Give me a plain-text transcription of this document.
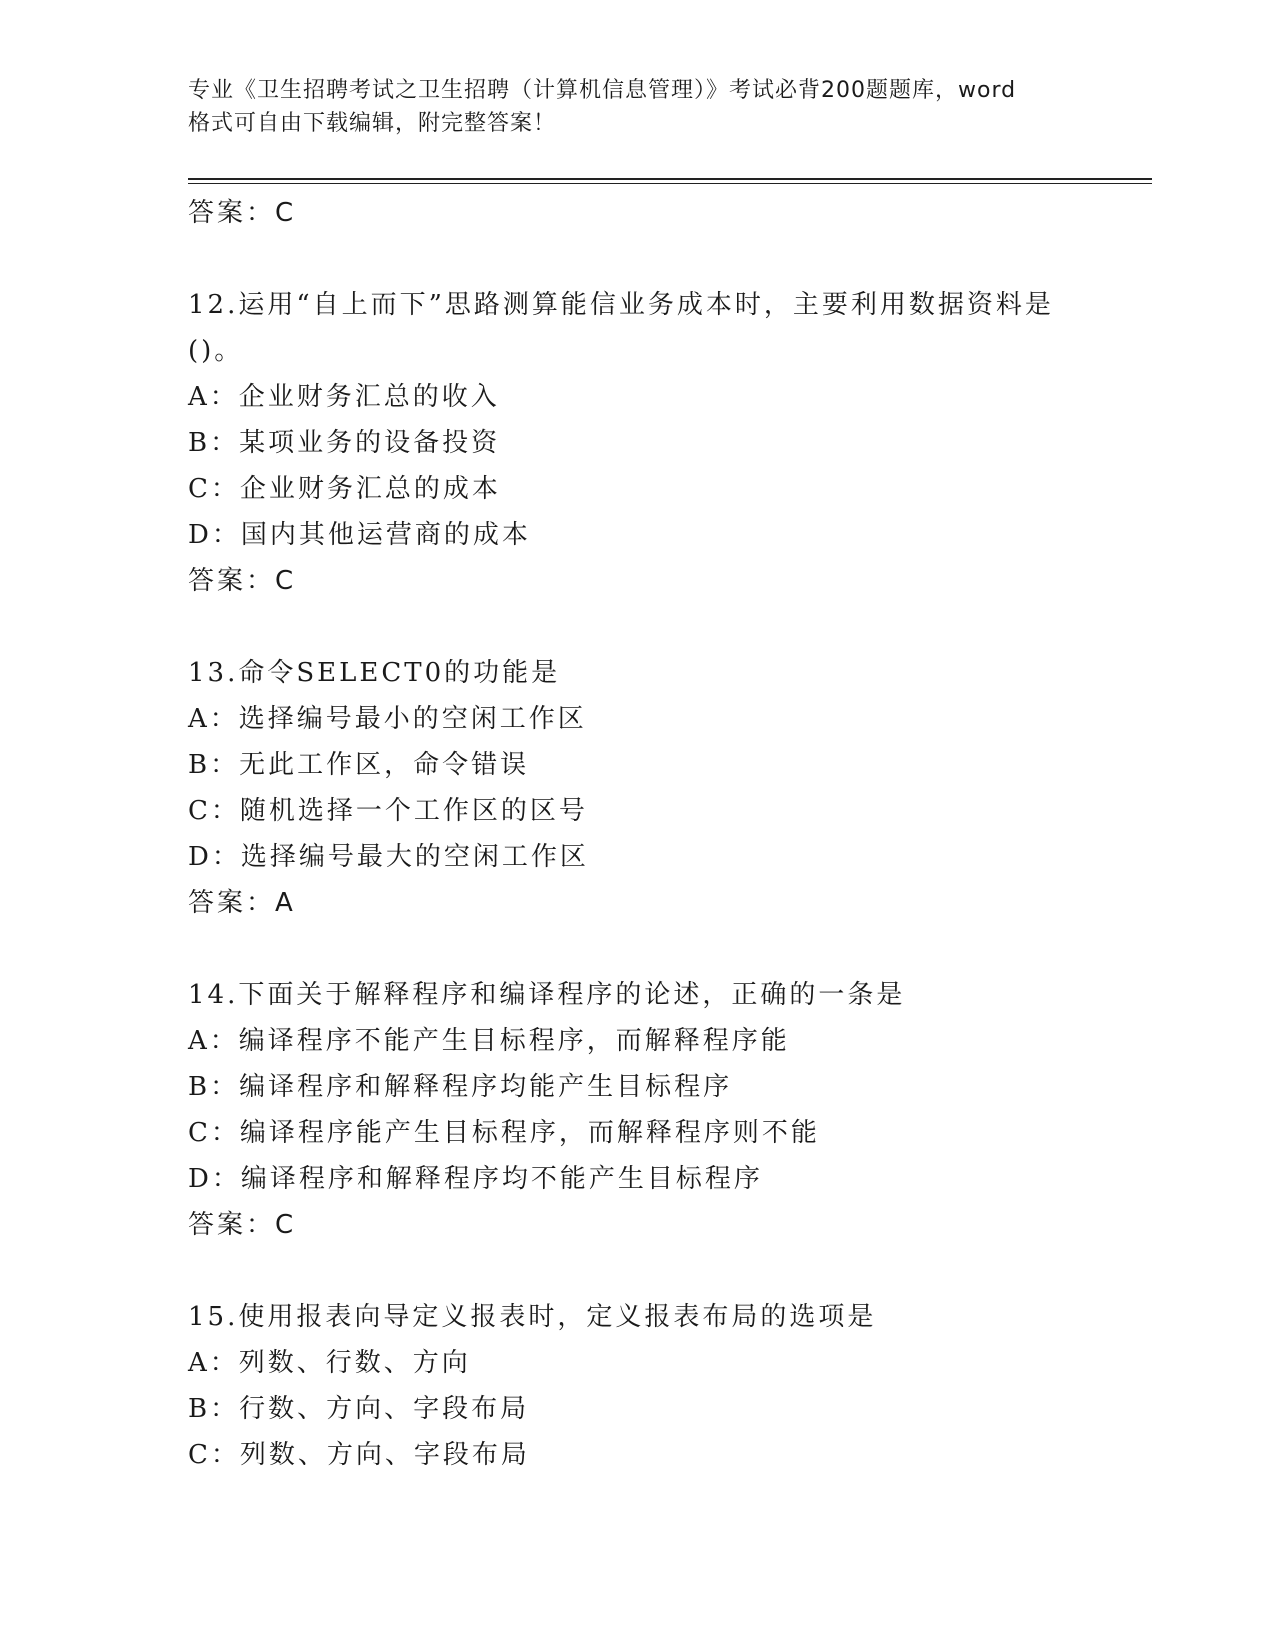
专业《卫生招聘考试之卫生招聘（计算机信息管理）》考试必背200题题库，word
格式可自由下载编辑，附完整答案！
答案：C
12.运用“自上而下”思路测算能信业务成本时，主要利用数据资料是
()。
A：企业财务汇总的收入
B：某项业务的设备投资
C：企业财务汇总的成本
D：国内其他运营商的成本
答案：C
13.命令SELECT0的功能是
A：选择编号最小的空闲工作区
B：无此工作区，命令错误
C：随机选择一个工作区的区号
D：选择编号最大的空闲工作区
答案：A
14.下面关于解释程序和编译程序的论述，正确的一条是
A：编译程序不能产生目标程序，而解释程序能
B：编译程序和解释程序均能产生目标程序
C：编译程序能产生目标程序，而解释程序则不能
D：编译程序和解释程序均不能产生目标程序
答案：C
15.使用报表向导定义报表时，定义报表布局的选项是
A：列数、行数、方向
B：行数、方向、字段布局
C：列数、方向、字段布局
